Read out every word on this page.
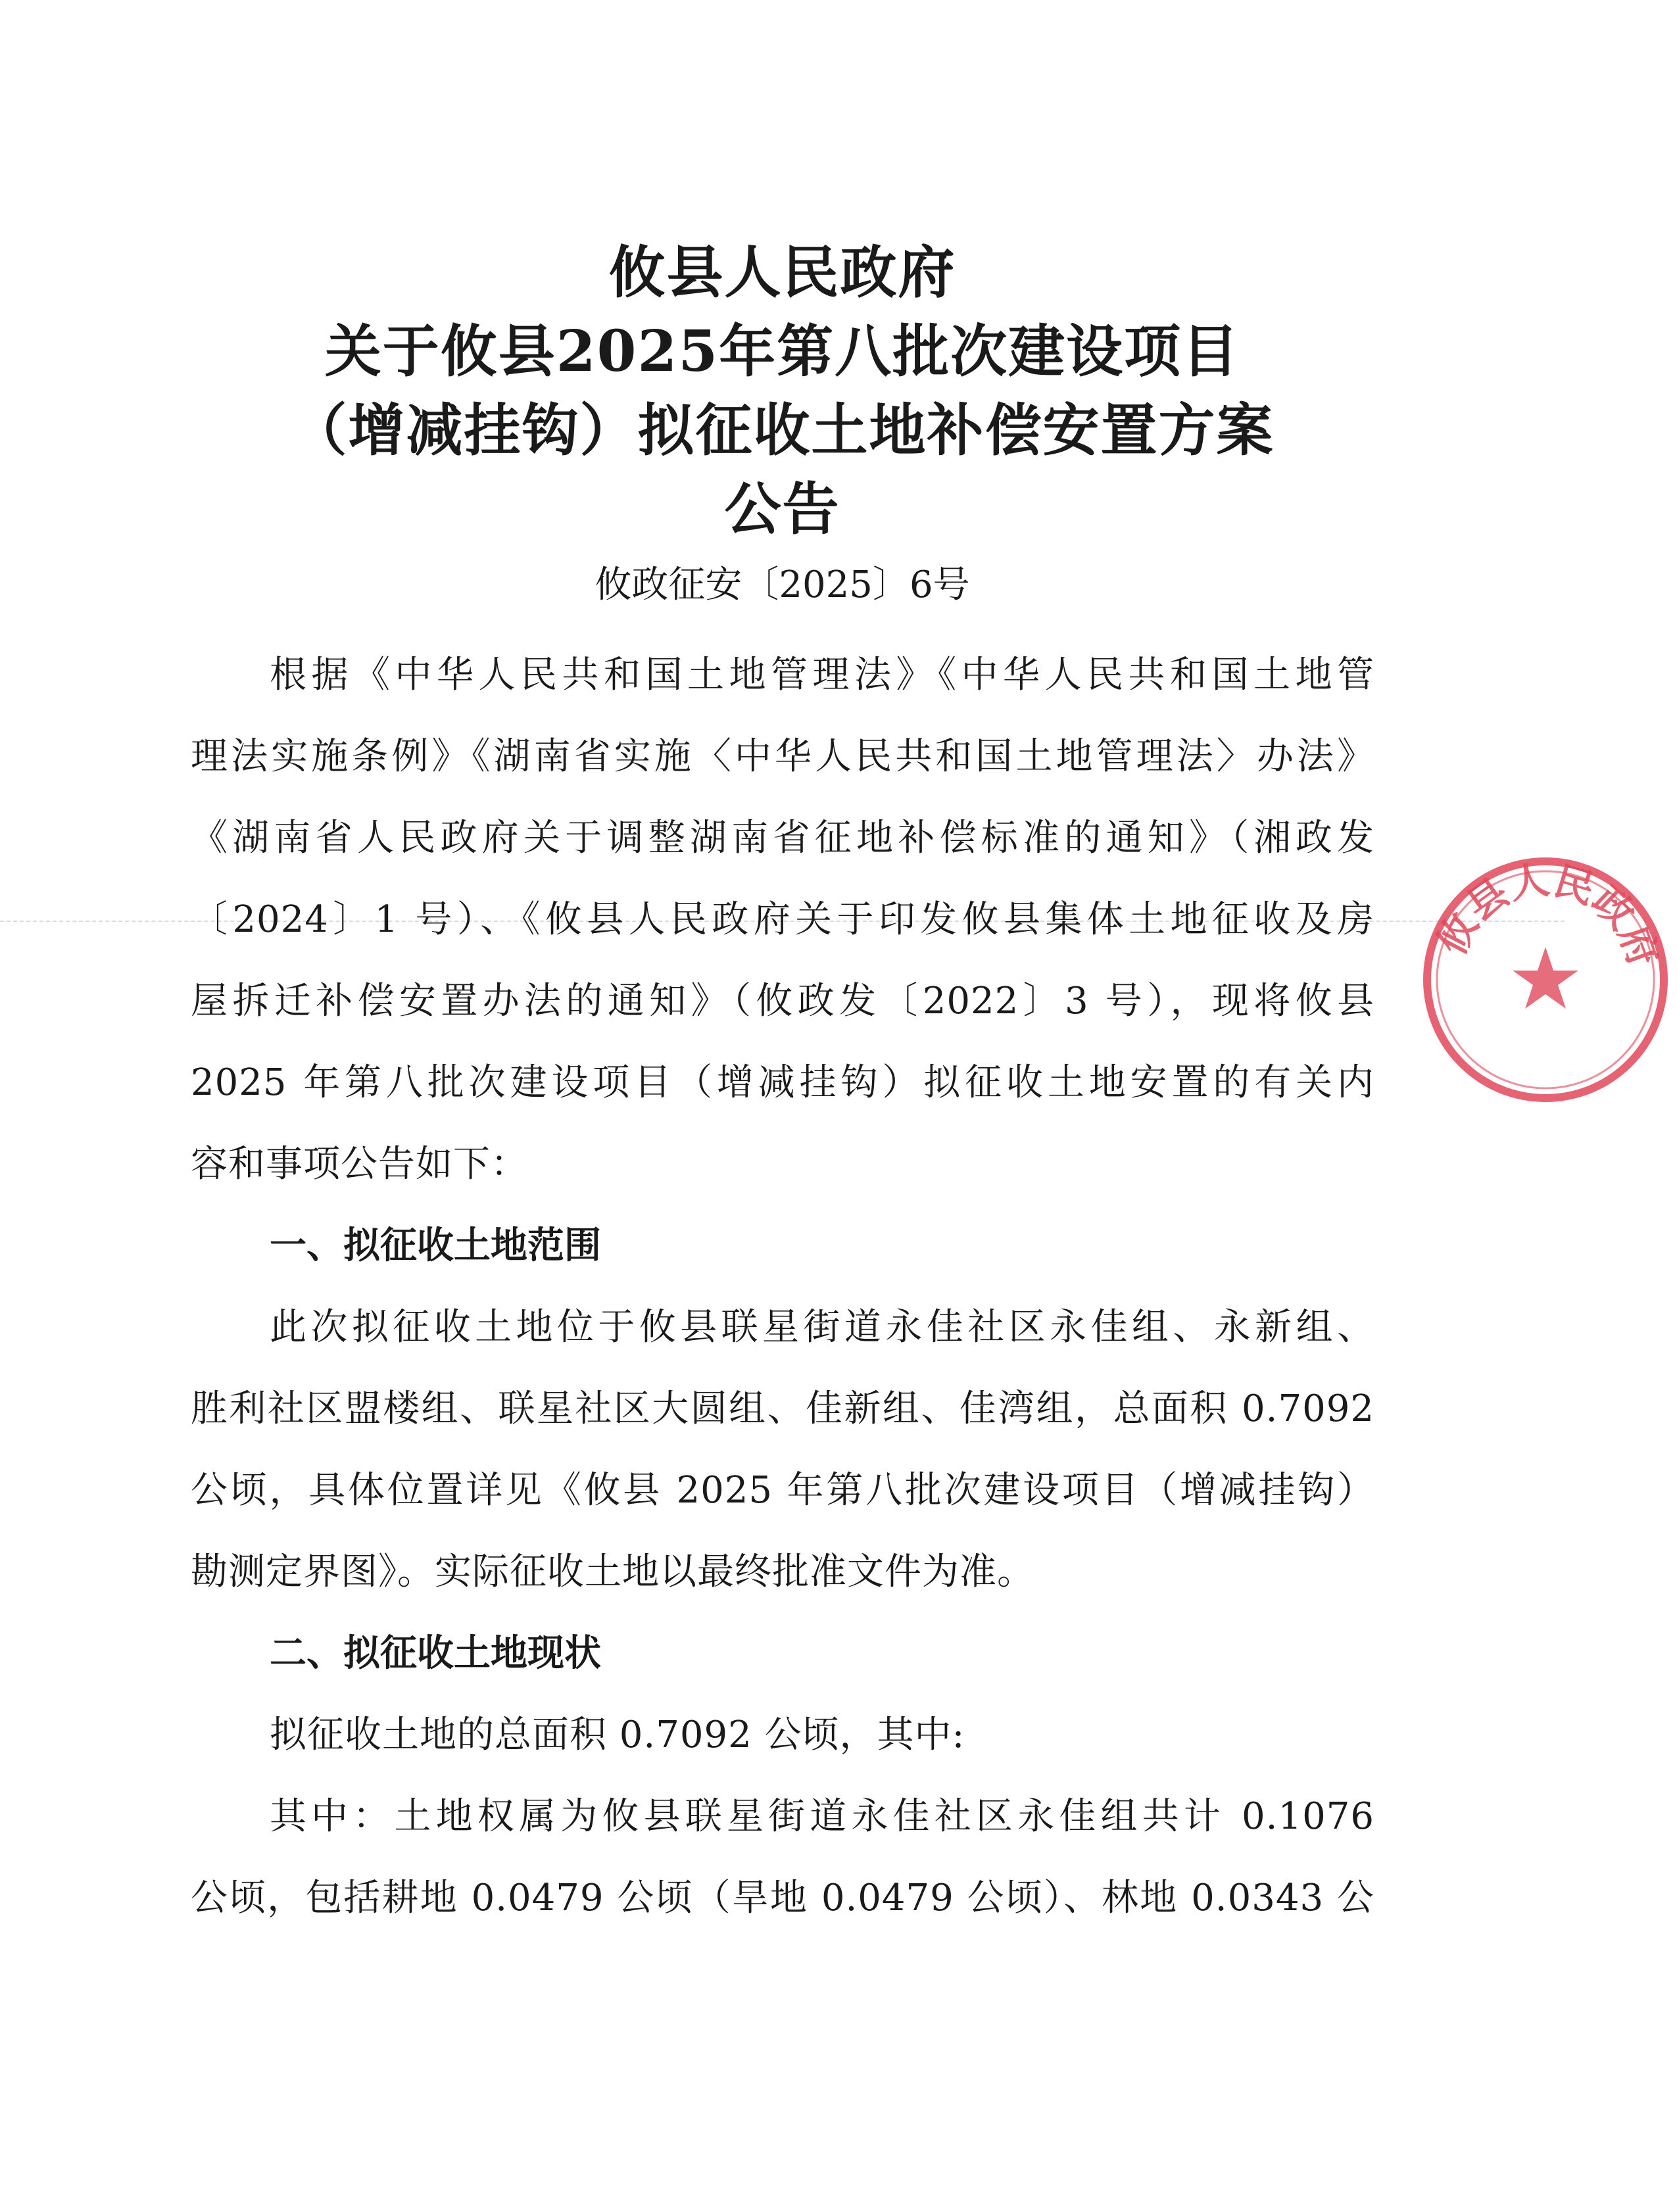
攸县人民政府
关于攸县2025年第八批次建设项目
（增减挂钩）拟征收土地补偿安置方案
公告
攸政征安〔2025〕6号
根据《中华人民共和国土地管理法》《中华人民共和国土地管
理法实施条例》《湖南省实施〈中华人民共和国土地管理法〉办法》
《湖南省人民政府关于调整湖南省征地补偿标准的通知》（湘政发
〔2024〕1 号）、《攸县人民政府关于印发攸县集体土地征收及房
屋拆迁补偿安置办法的通知》（攸政发〔2022〕3 号），现将攸县
2025 年第八批次建设项目（增减挂钩）拟征收土地安置的有关内
容和事项公告如下：
一、拟征收土地范围
此次拟征收土地位于攸县联星街道永佳社区永佳组、永新组、
胜利社区盟楼组、联星社区大圆组、佳新组、佳湾组，总面积 0.7092
公顷，具体位置详见《攸县 2025 年第八批次建设项目（增减挂钩）
勘测定界图》。实际征收土地以最终批准文件为准。
二、拟征收土地现状
拟征收土地的总面积 0.7092 公顷，其中:
其中：土地权属为攸县联星街道永佳社区永佳组共计 0.1076
公顷，包括耕地 0.0479 公顷（旱地 0.0479 公顷）、林地 0.0343 公
攸县人民政府
